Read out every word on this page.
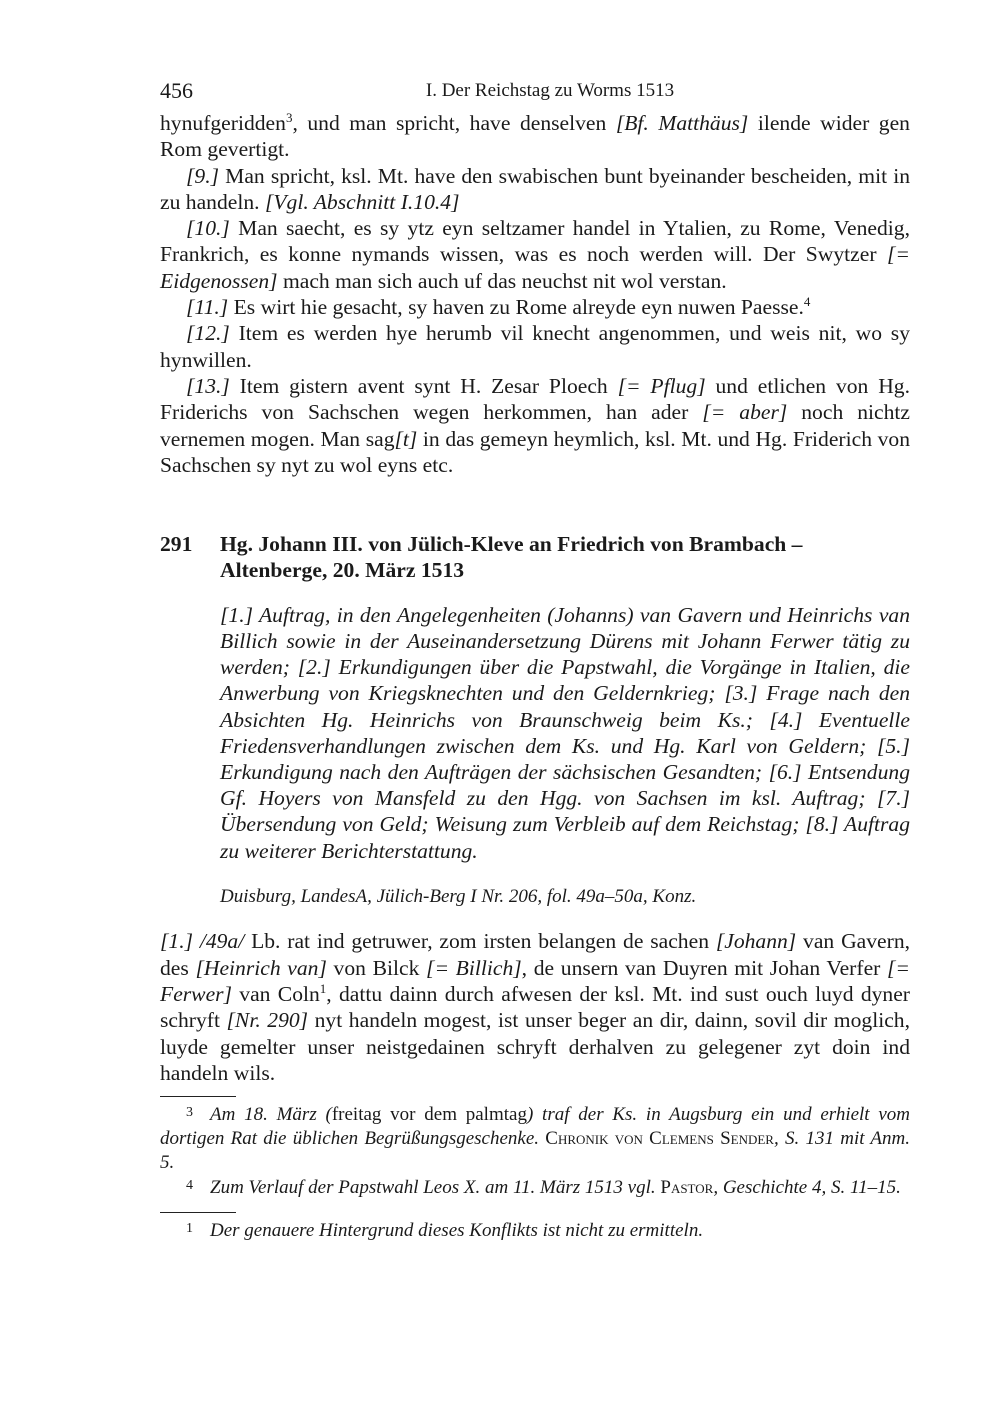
456	I. Der Reichstag zu Worms 1513

hynufgeridden$^3$, und man spricht, have denselven [Bf. Matthäus] ilende wider gen Rom gevertigt.

[9.] Man spricht, ksl. Mt. have den swabischen bunt byeinander bescheiden, mit in zu handeln. [Vgl. Abschnitt I.10.4]

[10.] Man saecht, es sy ytz eyn seltzamer handel in Ytalien, zu Rome, Venedig, Frankrich, es konne nymands wissen, was es noch werden will. Der Swytzer [= Eidgenossen] mach man sich auch uf das neuchst nit wol verstan.

[11.] Es wirt hie gesacht, sy haven zu Rome alreyde eyn nuwen Paesse.$^4$

[12.] Item es werden hye herumb vil knecht angenommen, und weis nit, wo sy hynwillen.

[13.] Item gistern avent synt H. Zesar Ploech [= Pflug] und etlichen von Hg. Friderichs von Sachschen wegen herkommen, han ader [= aber] noch nichtz vernemen mogen. Man sag[t] in das gemeyn heymlich, ksl. Mt. und Hg. Friderich von Sachschen sy nyt zu wol eyns etc.

291	Hg. Johann III. von Jülich-Kleve an Friedrich von Brambach – Altenberge, 20. März 1513

[1.] Auftrag, in den Angelegenheiten (Johanns) van Gavern und Heinrichs van Billich sowie in der Auseinandersetzung Dürens mit Johann Ferwer tätig zu werden; [2.] Erkundigungen über die Papstwahl, die Vorgänge in Italien, die Anwerbung von Kriegsknechten und den Geldernkrieg; [3.] Frage nach den Absichten Hg. Heinrichs von Braunschweig beim Ks.; [4.] Eventuelle Friedensverhandlungen zwischen dem Ks. und Hg. Karl von Geldern; [5.] Erkundigung nach den Aufträgen der sächsischen Gesandten; [6.] Entsendung Gf. Hoyers von Mansfeld zu den Hgg. von Sachsen im ksl. Auftrag; [7.] Übersendung von Geld; Weisung zum Verbleib auf dem Reichstag; [8.] Auftrag zu weiterer Berichterstattung.

Duisburg, LandesA, Jülich-Berg I Nr. 206, fol. 49a–50a, Konz.

[1.] /49a/ Lb. rat ind getruwer, zom irsten belangen de sachen [Johann] van Gavern, des [Heinrich van] von Bilck [= Billich], de unsern van Duyren mit Johan Verfer [= Ferwer] van Coln$^1$, dattu dainn durch afwesen der ksl. Mt. ind sust ouch luyd dyner schryft [Nr. 290] nyt handeln mogest, ist unser beger an dir, dainn, sovil dir moglich, luyde gemelter unser neistgedainen schryft derhalven zu gelegener zyt doin ind handeln wils.

3 Am 18. März (freitag vor dem palmtag) traf der Ks. in Augsburg ein und erhielt vom dortigen Rat die üblichen Begrüßungsgeschenke. Chronik von Clemens Sender, S. 131 mit Anm. 5.

4 Zum Verlauf der Papstwahl Leos X. am 11. März 1513 vgl. Pastor, Geschichte 4, S. 11–15.

1 Der genauere Hintergrund dieses Konflikts ist nicht zu ermitteln.
